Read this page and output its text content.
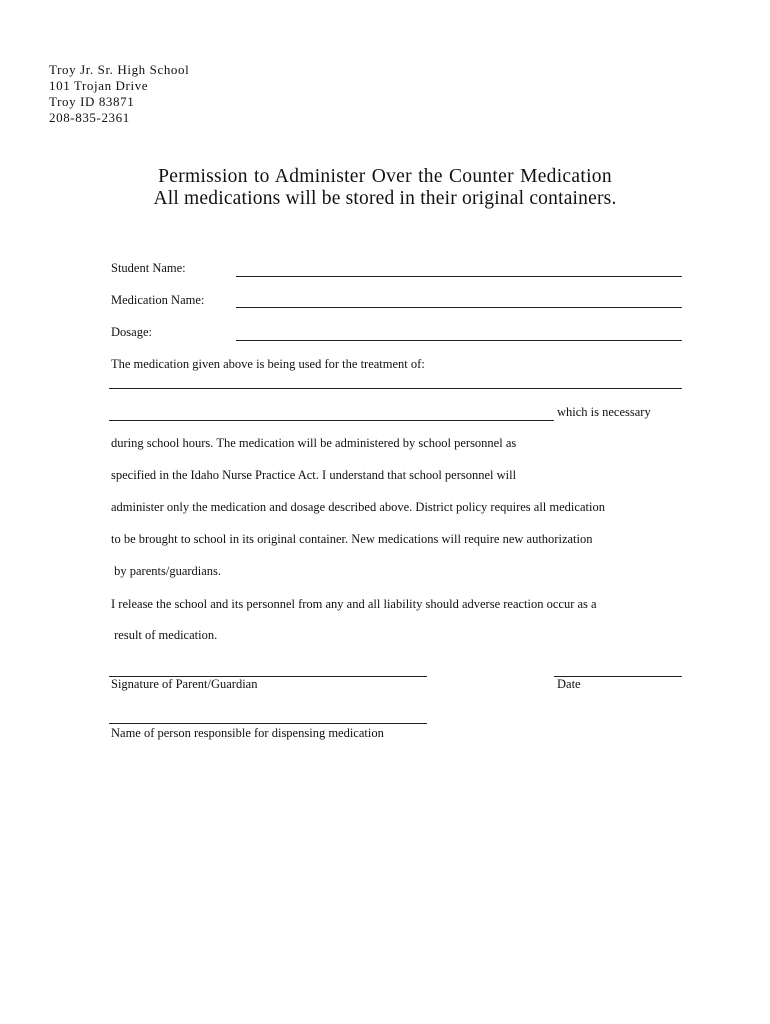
Troy Jr. Sr. High School
101 Trojan Drive
Troy ID 83871
208-835-2361
Permission to Administer Over the Counter Medication
All medications will be stored in their original containers.
Student Name:
Medication Name:
Dosage:
The medication given above is being used for the treatment of:
which is necessary
during school hours. The medication will be administered by school personnel as
specified in the Idaho Nurse Practice Act. I understand that school personnel will
administer only the medication and dosage described above. District policy requires all medication
to be brought to school in its original container. New medications will require new authorization
by parents/guardians.
I release the school and its personnel from any and all liability should adverse reaction occur as a
result of medication.
Signature of Parent/Guardian	Date
Name of person responsible for dispensing medication
